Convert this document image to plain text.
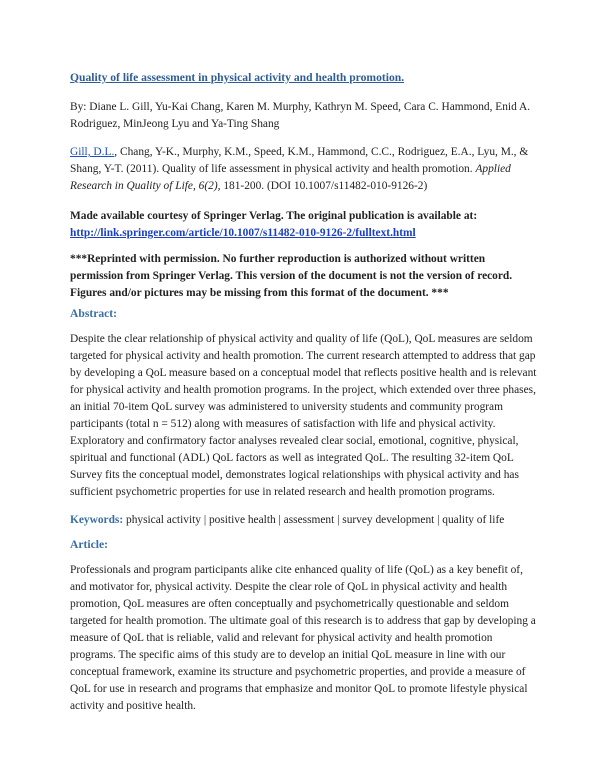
Quality of life assessment in physical activity and health promotion.

By: Diane L. Gill, Yu-Kai Chang, Karen M. Murphy, Kathryn M. Speed, Cara C. Hammond, Enid A. Rodriguez, MinJeong Lyu and Ya-Ting Shang

Gill, D.L., Chang, Y-K., Murphy, K.M., Speed, K.M., Hammond, C.C., Rodriguez, E.A., Lyu, M., & Shang, Y-T. (2011). Quality of life assessment in physical activity and health promotion. Applied Research in Quality of Life, 6(2), 181-200. (DOI 10.1007/s11482-010-9126-2)

Made available courtesy of Springer Verlag. The original publication is available at:
http://link.springer.com/article/10.1007/s11482-010-9126-2/fulltext.html

***Reprinted with permission. No further reproduction is authorized without written permission from Springer Verlag. This version of the document is not the version of record. Figures and/or pictures may be missing from this format of the document. ***

Abstract:

Despite the clear relationship of physical activity and quality of life (QoL), QoL measures are seldom targeted for physical activity and health promotion. The current research attempted to address that gap by developing a QoL measure based on a conceptual model that reflects positive health and is relevant for physical activity and health promotion programs. In the project, which extended over three phases, an initial 70-item QoL survey was administered to university students and community program participants (total n = 512) along with measures of satisfaction with life and physical activity. Exploratory and confirmatory factor analyses revealed clear social, emotional, cognitive, physical, spiritual and functional (ADL) QoL factors as well as integrated QoL. The resulting 32-item QoL Survey fits the conceptual model, demonstrates logical relationships with physical activity and has sufficient psychometric properties for use in related research and health promotion programs.

Keywords: physical activity | positive health | assessment | survey development | quality of life

Article:

Professionals and program participants alike cite enhanced quality of life (QoL) as a key benefit of, and motivator for, physical activity. Despite the clear role of QoL in physical activity and health promotion, QoL measures are often conceptually and psychometrically questionable and seldom targeted for health promotion. The ultimate goal of this research is to address that gap by developing a measure of QoL that is reliable, valid and relevant for physical activity and health promotion programs. The specific aims of this study are to develop an initial QoL measure in line with our conceptual framework, examine its structure and psychometric properties, and provide a measure of QoL for use in research and programs that emphasize and monitor QoL to promote lifestyle physical activity and positive health.
